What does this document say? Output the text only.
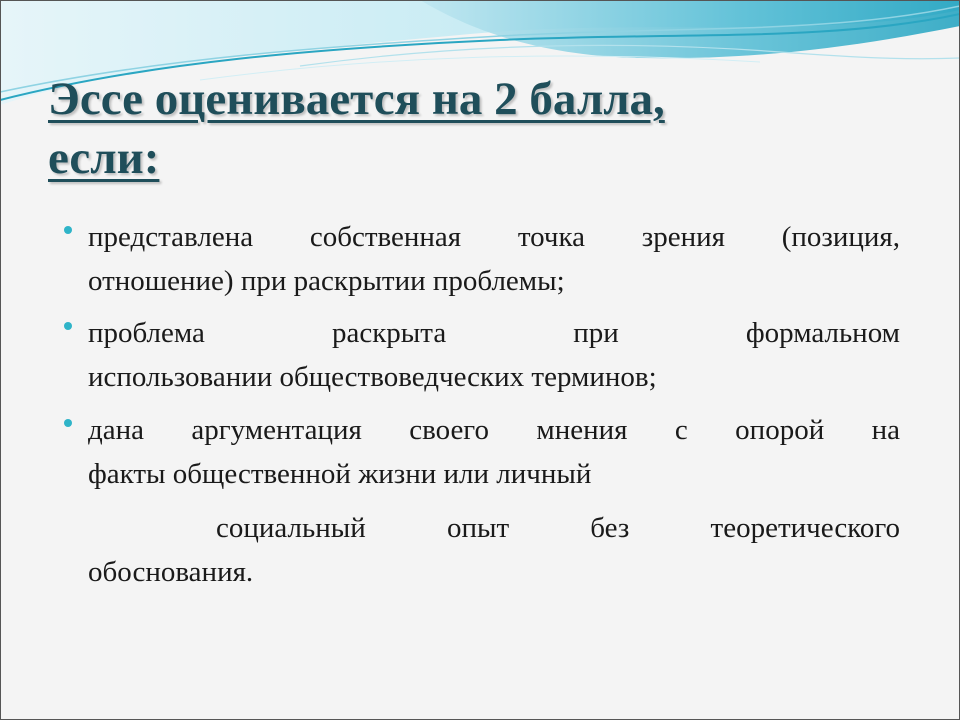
Эссе оценивается на 2 балла,
если:
представлена собственная точка зрения (позиция,
отношение) при раскрытии проблемы;
проблема раскрыта при формальном
использовании обществоведческих терминов;
дана аргументация своего мнения с опорой на
факты общественной жизни или личный
социальный опыт без теоретического
обоснования.
